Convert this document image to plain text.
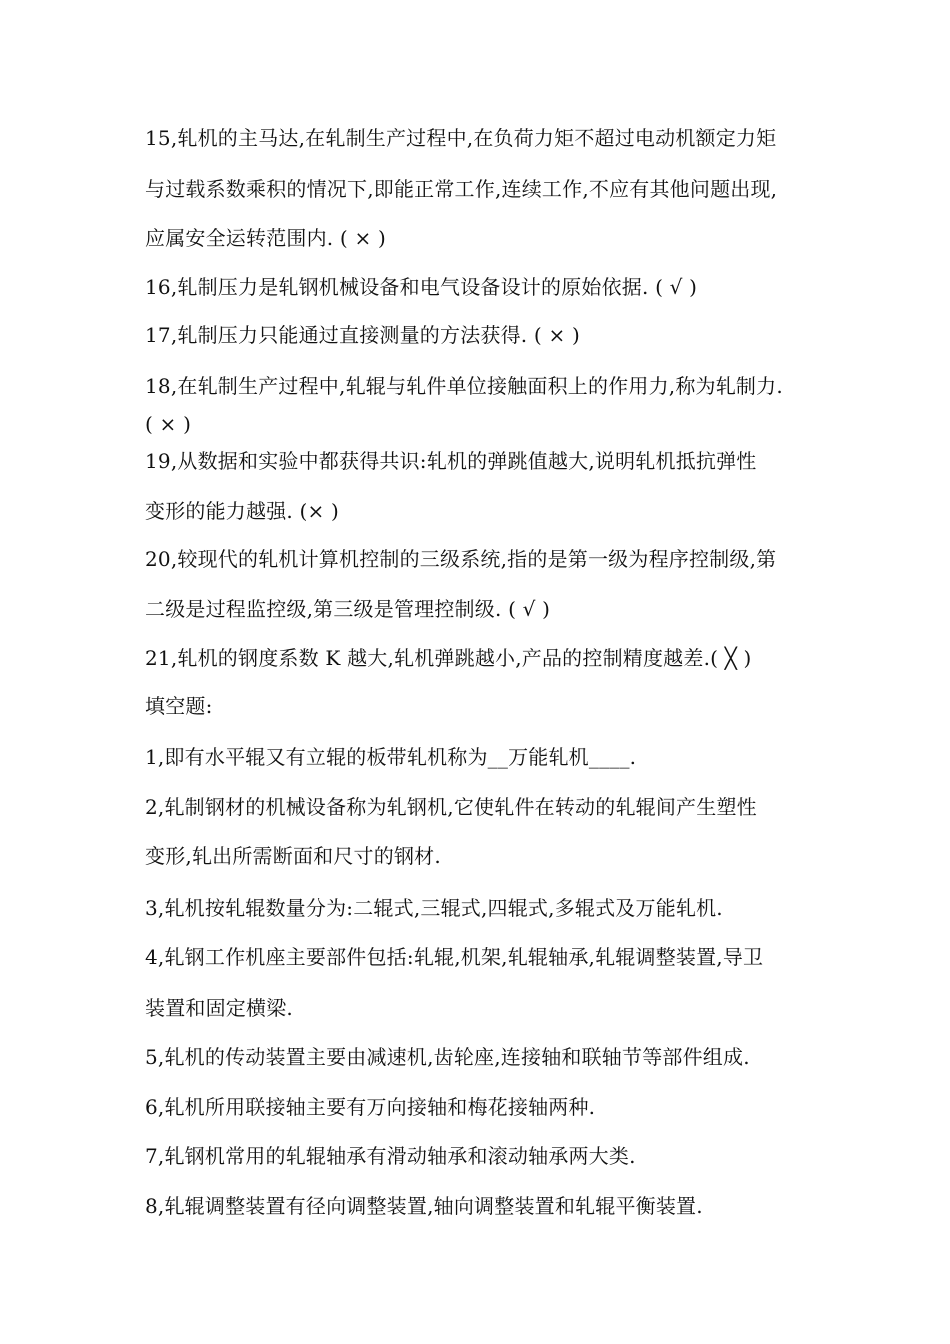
15,轧机的主马达,在轧制生产过程中,在负荷力矩不超过电动机额定力矩
与过载系数乘积的情况下,即能正常工作,连续工作,不应有其他问题出现,
应属安全运转范围内. ( × )
16,轧制压力是轧钢机械设备和电气设备设计的原始依据. ( √ )
17,轧制压力只能通过直接测量的方法获得. ( × )
18,在轧制生产过程中,轧辊与轧件单位接触面积上的作用力,称为轧制力.
( × )
19,从数据和实验中都获得共识:轧机的弹跳值越大,说明轧机抵抗弹性
变形的能力越强. (× )
20,较现代的轧机计算机控制的三级系统,指的是第一级为程序控制级,第
二级是过程监控级,第三级是管理控制级. ( √ )
21,轧机的钢度系数 K 越大,轧机弹跳越小,产品的控制精度越差.( ╳ )
填空题:
1,即有水平辊又有立辊的板带轧机称为__万能轧机____.
2,轧制钢材的机械设备称为轧钢机,它使轧件在转动的轧辊间产生塑性
变形,轧出所需断面和尺寸的钢材.
3,轧机按轧辊数量分为:二辊式,三辊式,四辊式,多辊式及万能轧机.
4,轧钢工作机座主要部件包括:轧辊,机架,轧辊轴承,轧辊调整装置,导卫
装置和固定横梁.
5,轧机的传动装置主要由减速机,齿轮座,连接轴和联轴节等部件组成.
6,轧机所用联接轴主要有万向接轴和梅花接轴两种.
7,轧钢机常用的轧辊轴承有滑动轴承和滚动轴承两大类.
8,轧辊调整装置有径向调整装置,轴向调整装置和轧辊平衡装置.
